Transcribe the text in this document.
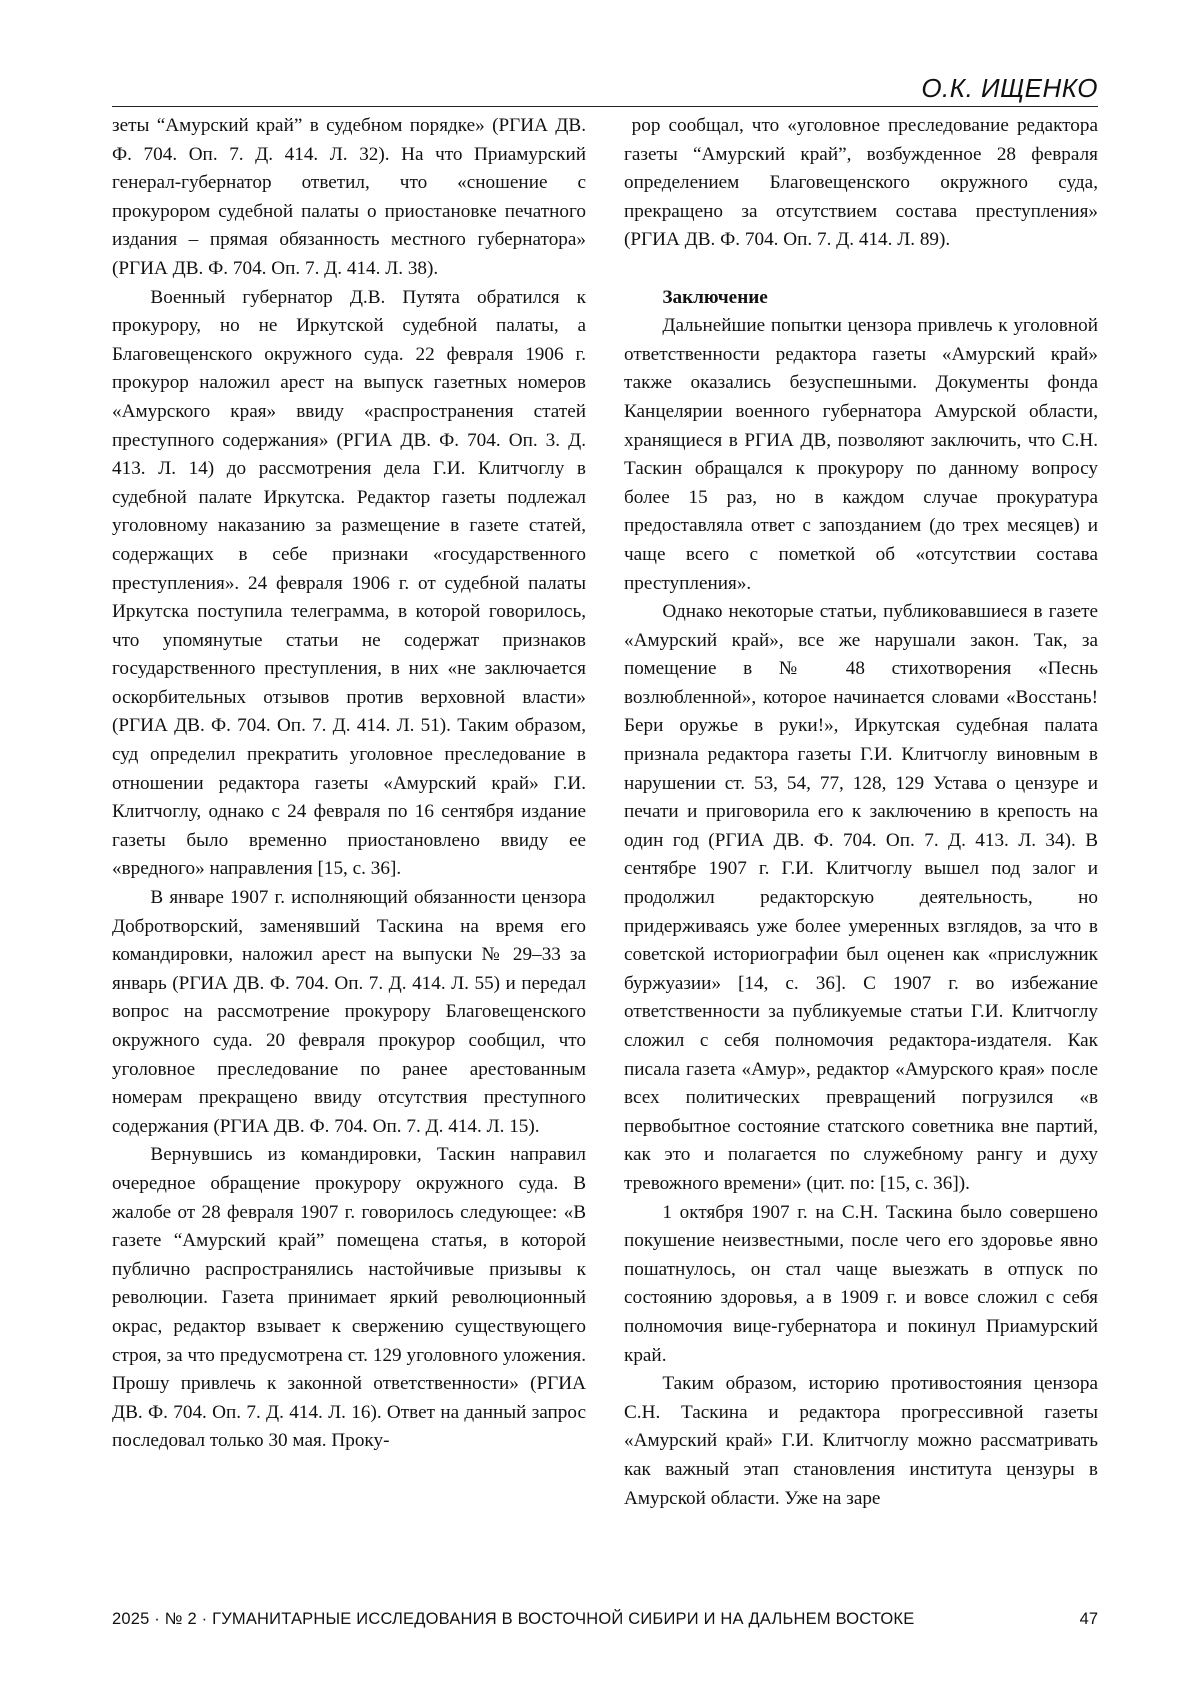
О.К. ИЩЕНКО

зеты “Амурский край” в судебном порядке» (РГИА ДВ. Ф. 704. Оп. 7. Д. 414. Л. 32). На что Приамурский генерал-губернатор ответил, что «сношение с прокурором судебной палаты о приостановке печатного издания – прямая обязанность местного губернатора» (РГИА ДВ. Ф. 704. Оп. 7. Д. 414. Л. 38).

Военный губернатор Д.В. Путята обратился к прокурору, но не Иркутской судебной палаты, а Благовещенского окружного суда. 22 февраля 1906 г. прокурор наложил арест на выпуск газетных номеров «Амурского края» ввиду «распространения статей преступного содержания» (РГИА ДВ. Ф. 704. Оп. 3. Д. 413. Л. 14) до рассмотрения дела Г.И. Клитчоглу в судебной палате Иркутска. Редактор газеты подлежал уголовному наказанию за размещение в газете статей, содержащих в себе признаки «государственного преступления». 24 февраля 1906 г. от судебной палаты Иркутска поступила телеграмма, в которой говорилось, что упомянутые статьи не содержат признаков государственного преступления, в них «не заключается оскорбительных отзывов против верховной власти» (РГИА ДВ. Ф. 704. Оп. 7. Д. 414. Л. 51). Таким образом, суд определил прекратить уголовное преследование в отношении редактора газеты «Амурский край» Г.И. Клитчоглу, однако с 24 февраля по 16 сентября издание газеты было временно приостановлено ввиду ее «вредного» направления [15, с. 36].

В январе 1907 г. исполняющий обязанности цензора Добротворский, заменявший Таскина на время его командировки, наложил арест на выпуски № 29–33 за январь (РГИА ДВ. Ф. 704. Оп. 7. Д. 414. Л. 55) и передал вопрос на рассмотрение прокурору Благовещенского окружного суда. 20 февраля прокурор сообщил, что уголовное преследование по ранее арестованным номерам прекращено ввиду отсутствия преступного содержания (РГИА ДВ. Ф. 704. Оп. 7. Д. 414. Л. 15).

Вернувшись из командировки, Таскин направил очередное обращение прокурору окружного суда. В жалобе от 28 февраля 1907 г. говорилось следующее: «В газете “Амурский край” помещена статья, в которой публично распространялись настойчивые призывы к революции. Газета принимает яркий революционный окрас, редактор взывает к свержению существующего строя, за что предусмотрена ст. 129 уголовного уложения. Прошу привлечь к законной ответственности» (РГИА ДВ. Ф. 704. Оп. 7. Д. 414. Л. 16). Ответ на данный запрос последовал только 30 мая. Проку-

рор сообщал, что «уголовное преследование редактора газеты “Амурский край”, возбужденное 28 февраля определением Благовещенского окружного суда, прекращено за отсутствием состава преступления» (РГИА ДВ. Ф. 704. Оп. 7. Д. 414. Л. 89).

Заключение

Дальнейшие попытки цензора привлечь к уголовной ответственности редактора газеты «Амурский край» также оказались безуспешными. Документы фонда Канцелярии военного губернатора Амурской области, хранящиеся в РГИА ДВ, позволяют заключить, что С.Н. Таскин обращался к прокурору по данному вопросу более 15 раз, но в каждом случае прокуратура предоставляла ответ с запозданием (до трех месяцев) и чаще всего с пометкой об «отсутствии состава преступления».

Однако некоторые статьи, публиковавшиеся в газете «Амурский край», все же нарушали закон. Так, за помещение в № 48 стихотворения «Песнь возлюбленной», которое начинается словами «Восстань! Бери оружье в руки!», Иркутская судебная палата признала редактора газеты Г.И. Клитчоглу виновным в нарушении ст. 53, 54, 77, 128, 129 Устава о цензуре и печати и приговорила его к заключению в крепость на один год (РГИА ДВ. Ф. 704. Оп. 7. Д. 413. Л. 34). В сентябре 1907 г. Г.И. Клитчоглу вышел под залог и продолжил редакторскую деятельность, но придерживаясь уже более умеренных взглядов, за что в советской историографии был оценен как «прислужник буржуазии» [14, с. 36]. С 1907 г. во избежание ответственности за публикуемые статьи Г.И. Клитчоглу сложил с себя полномочия редактора-издателя. Как писала газета «Амур», редактор «Амурского края» после всех политических превращений погрузился «в первобытное состояние статского советника вне партий, как это и полагается по служебному рангу и духу тревожного времени» (цит. по: [15, с. 36]).

1 октября 1907 г. на С.Н. Таскина было совершено покушение неизвестными, после чего его здоровье явно пошатнулось, он стал чаще выезжать в отпуск по состоянию здоровья, а в 1909 г. и вовсе сложил с себя полномочия вице-губернатора и покинул Приамурский край.

Таким образом, историю противостояния цензора С.Н. Таскина и редактора прогрессивной газеты «Амурский край» Г.И. Клитчоглу можно рассматривать как важный этап становления института цензуры в Амурской области. Уже на заре

2025 · № 2 · ГУМАНИТАРНЫЕ ИССЛЕДОВАНИЯ В ВОСТОЧНОЙ СИБИРИ И НА ДАЛЬНЕМ ВОСТОКЕ	47
